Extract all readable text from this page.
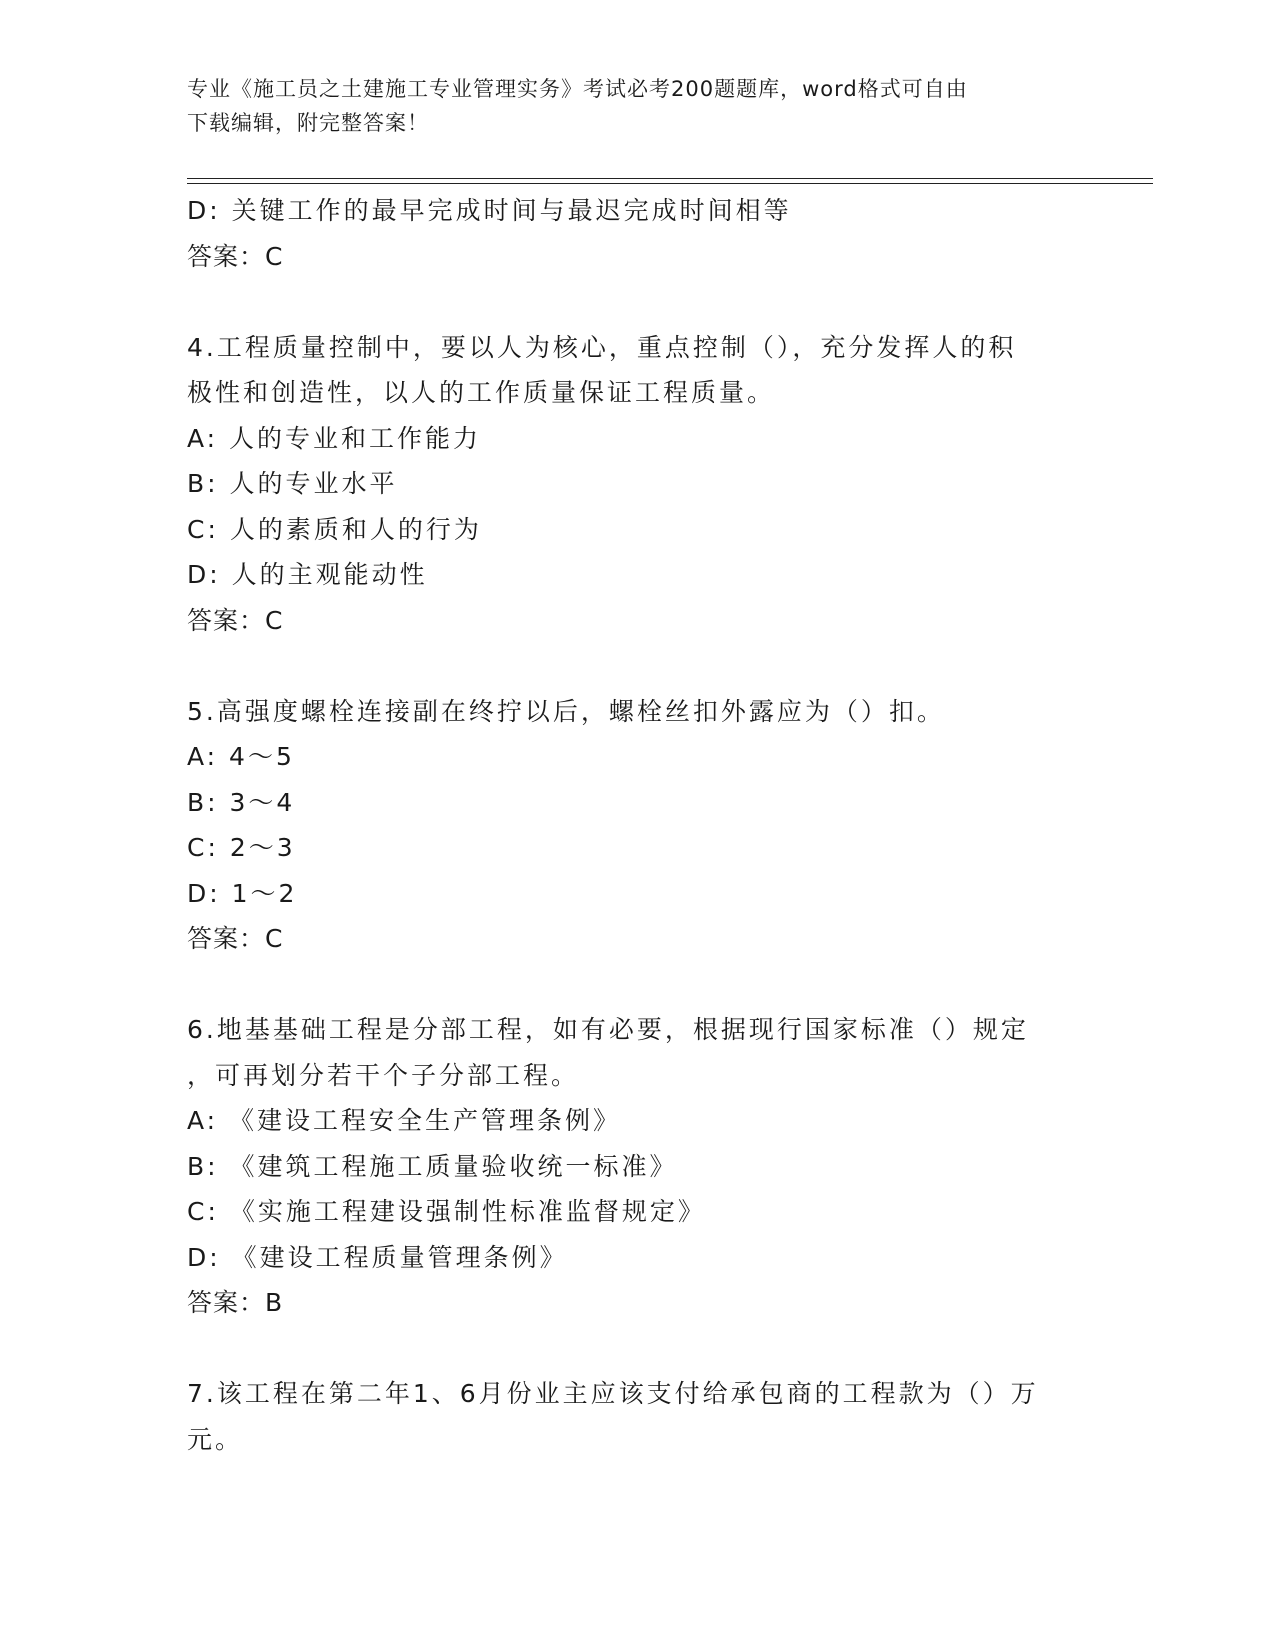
专业《施工员之土建施工专业管理实务》考试必考200题题库，word格式可自由
下载编辑，附完整答案！
D: 关键工作的最早完成时间与最迟完成时间相等
答案：C
4.工程质量控制中，要以人为核心，重点控制（），充分发挥人的积
极性和创造性，以人的工作质量保证工程质量。
A: 人的专业和工作能力
B: 人的专业水平
C: 人的素质和人的行为
D: 人的主观能动性
答案：C
5.高强度螺栓连接副在终拧以后，螺栓丝扣外露应为（）扣。
A: 4～5
B: 3～4
C: 2～3
D: 1～2
答案：C
6.地基基础工程是分部工程，如有必要，根据现行国家标准（）规定
，可再划分若干个子分部工程。
A: 《建设工程安全生产管理条例》
B: 《建筑工程施工质量验收统一标准》
C: 《实施工程建设强制性标准监督规定》
D: 《建设工程质量管理条例》
答案：B
7.该工程在第二年1、6月份业主应该支付给承包商的工程款为（）万
元。
